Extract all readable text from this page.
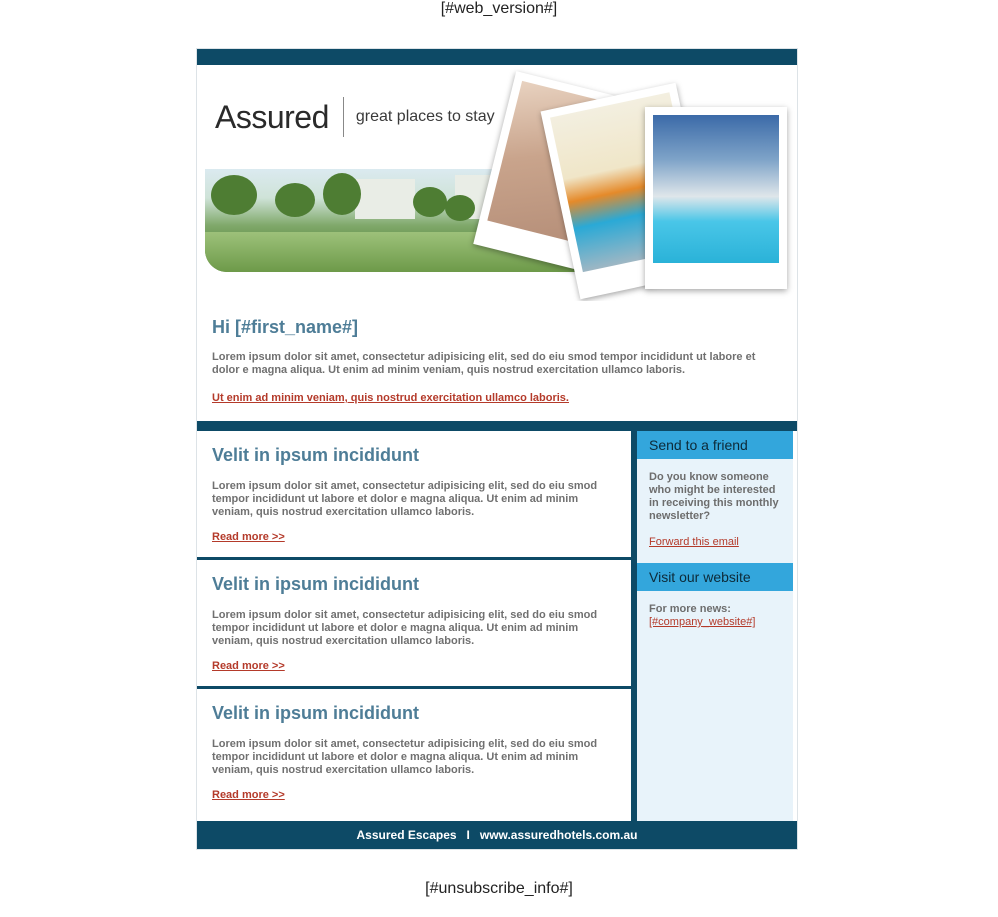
[#web_version#]
Assured great places to stay
Hi [#first_name#]
Lorem ipsum dolor sit amet, consectetur adipisicing elit, sed do eiu smod tempor incididunt ut labore et dolor e magna aliqua. Ut enim ad minim veniam, quis nostrud exercitation ullamco laboris.
Ut enim ad minim veniam, quis nostrud exercitation ullamco laboris.
Velit in ipsum incididunt
Lorem ipsum dolor sit amet, consectetur adipisicing elit, sed do eiu smod tempor incididunt ut labore et dolor e magna aliqua. Ut enim ad minim veniam, quis nostrud exercitation ullamco laboris.
Read more >>
Velit in ipsum incididunt
Lorem ipsum dolor sit amet, consectetur adipisicing elit, sed do eiu smod tempor incididunt ut labore et dolor e magna aliqua. Ut enim ad minim veniam, quis nostrud exercitation ullamco laboris.
Read more >>
Velit in ipsum incididunt
Lorem ipsum dolor sit amet, consectetur adipisicing elit, sed do eiu smod tempor incididunt ut labore et dolor e magna aliqua. Ut enim ad minim veniam, quis nostrud exercitation ullamco laboris.
Read more >>
Send to a friend
Do you know someone who might be interested in receiving this monthly newsletter?
Forward this email
Visit our website
For more news:
[#company_website#]
Assured Escapes   I   www.assuredhotels.com.au
[#unsubscribe_info#]
